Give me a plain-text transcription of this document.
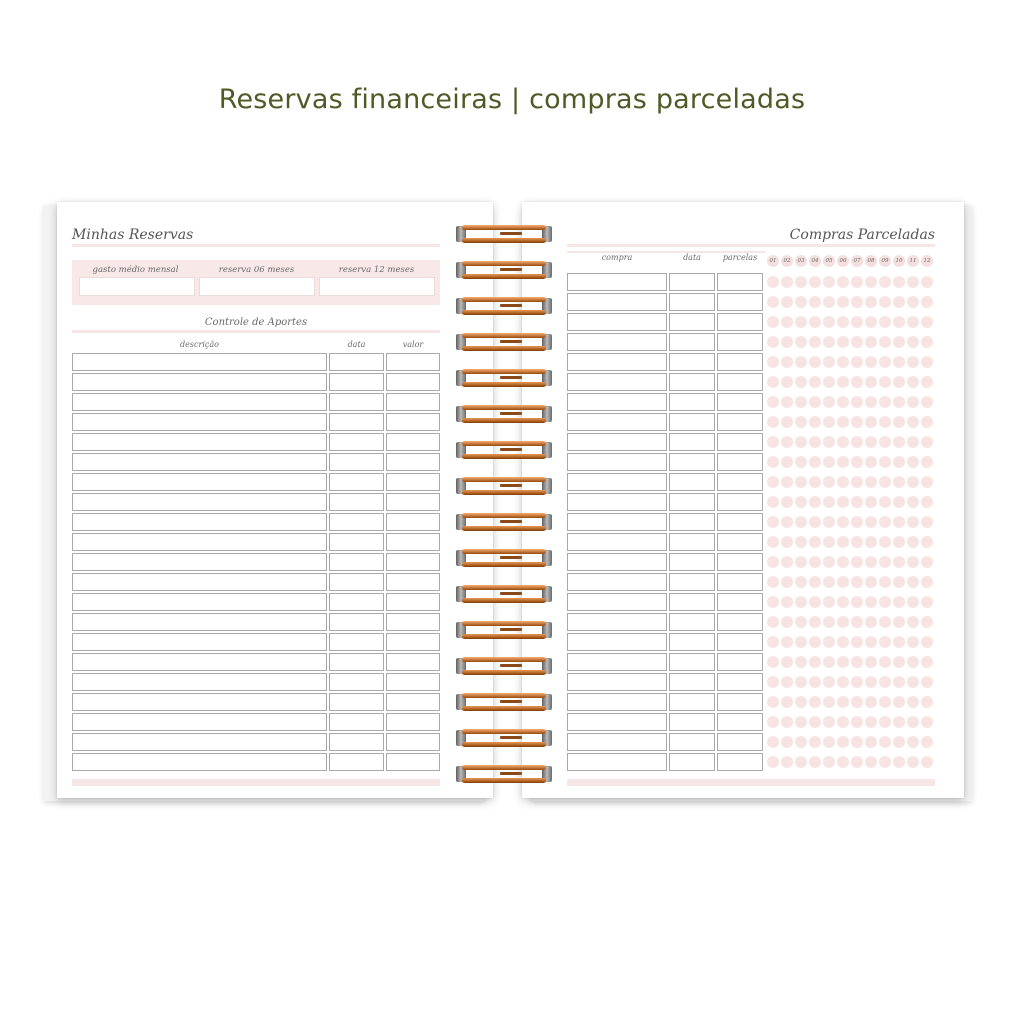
Reservas financeiras | compras parceladas
Minhas Reservas
gasto médio mensal	reserva 06 meses	reserva 12 meses
Controle de Aportes
descrição	data	valor
Compras Parceladas
compra	data	parcelas	01	02	03	04	05	06	07	08	09	10	11	12
